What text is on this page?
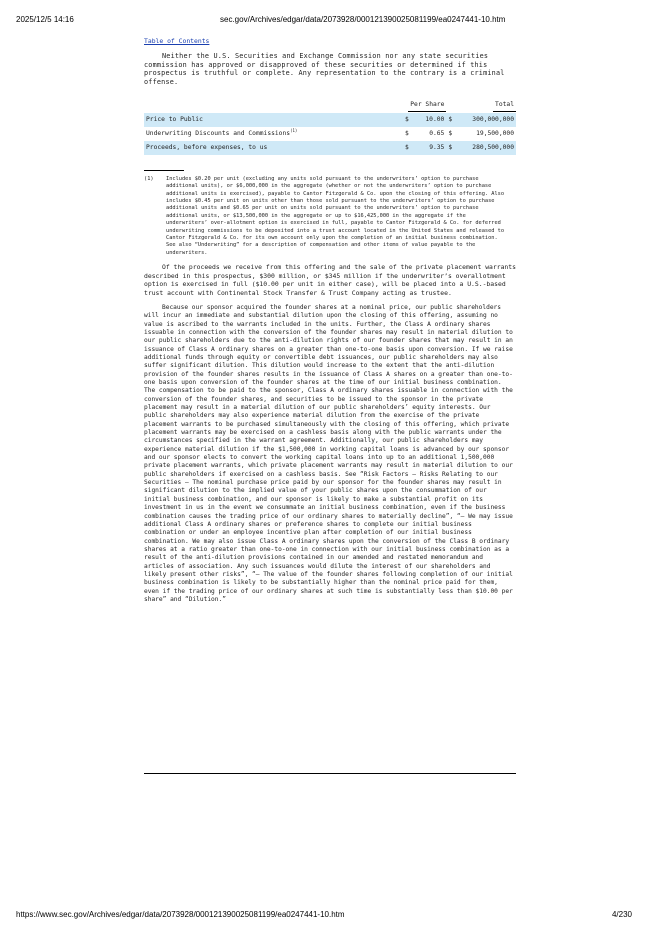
2025/12/5 14:16	sec.gov/Archives/edgar/data/2073928/000121390025081199/ea0247441-10.htm
Table of Contents

Neither the U.S. Securities and Exchange Commission nor any state securities commission has approved or disapproved of these securities or determined if this prospectus is truthful or complete. Any representation to the contrary is a criminal offense.

	Per Share		Total	
Price to Public	$	10.00	$	300,000,000
Underwriting Discounts and Commissions$^{(1)}$	$	0.65	$	19,500,000
Proceeds, before expenses, to us	$	9.35	$	280,500,000
(1)	Includes $0.20 per unit (excluding any units sold pursuant to the underwriters’ option to purchase additional units), or $6,000,000 in the aggregate (whether or not the underwriters’ option to purchase additional units is exercised), payable to Cantor Fitzgerald & Co. upon the closing of this offering. Also includes $0.45 per unit on units other than those sold pursuant to the underwriters’ option to purchase additional units and $0.65 per unit on units sold pursuant to the underwriters’ option to purchase additional units, or $13,500,000 in the aggregate or up to $16,425,000 in the aggregate if the underwriters’ over-allotment option is exercised in full, payable to Cantor Fitzgerald & Co. for deferred underwriting commissions to be deposited into a trust account located in the United States and released to Cantor Fitzgerald & Co. for its own account only upon the completion of an initial business combination. See also “Underwriting” for a description of compensation and other items of value payable to the underwriters.

Of the proceeds we receive from this offering and the sale of the private placement warrants described in this prospectus, $300 million, or $345 million if the underwriter’s overallotment option is exercised in full ($10.00 per unit in either case), will be placed into a U.S.-based trust account with Continental Stock Transfer & Trust Company acting as trustee.

Because our sponsor acquired the founder shares at a nominal price, our public shareholders will incur an immediate and substantial dilution upon the closing of this offering, assuming no value is ascribed to the warrants included in the units. Further, the Class A ordinary shares issuable in connection with the conversion of the founder shares may result in material dilution to our public shareholders due to the anti-dilution rights of our founder shares that may result in an issuance of Class A ordinary shares on a greater than one-to-one basis upon conversion. If we raise additional funds through equity or convertible debt issuances, our public shareholders may also suffer significant dilution. This dilution would increase to the extent that the anti-dilution provision of the founder shares results in the issuance of Class A shares on a greater than one-to-one basis upon conversion of the founder shares at the time of our initial business combination. The compensation to be paid to the sponsor, Class A ordinary shares issuable in connection with the conversion of the founder shares, and securities to be issued to the sponsor in the private placement may result in a material dilution of our public shareholders’ equity interests. Our public shareholders may also experience material dilution from the exercise of the private placement warrants to be purchased simultaneously with the closing of this offering, which private placement warrants may be exercised on a cashless basis along with the public warrants under the circumstances specified in the warrant agreement. Additionally, our public shareholders may experience material dilution if the $1,500,000 in working capital loans is advanced by our sponsor and our sponsor elects to convert the working capital loans into up to an additional 1,500,000 private placement warrants, which private placement warrants may result in material dilution to our public shareholders if exercised on a cashless basis. See “Risk Factors — Risks Relating to our Securities — The nominal purchase price paid by our sponsor for the founder shares may result in significant dilution to the implied value of your public shares upon the consummation of our initial business combination, and our sponsor is likely to make a substantial profit on its investment in us in the event we consummate an initial business combination, even if the business combination causes the trading price of our ordinary shares to materially decline”, “— We may issue additional Class A ordinary shares or preference shares to complete our initial business combination or under an employee incentive plan after completion of our initial business combination. We may also issue Class A ordinary shares upon the conversion of the Class B ordinary shares at a ratio greater than one-to-one in connection with our initial business combination as a result of the anti-dilution provisions contained in our amended and restated memorandum and articles of association. Any such issuances would dilute the interest of our shareholders and likely present other risks”, “— The value of the founder shares following completion of our initial business combination is likely to be substantially higher than the nominal price paid for them, even if the trading price of our ordinary shares at such time is substantially less than $10.00 per share” and “Dilution.”

https://www.sec.gov/Archives/edgar/data/2073928/000121390025081199/ea0247441-10.htm	4/230
